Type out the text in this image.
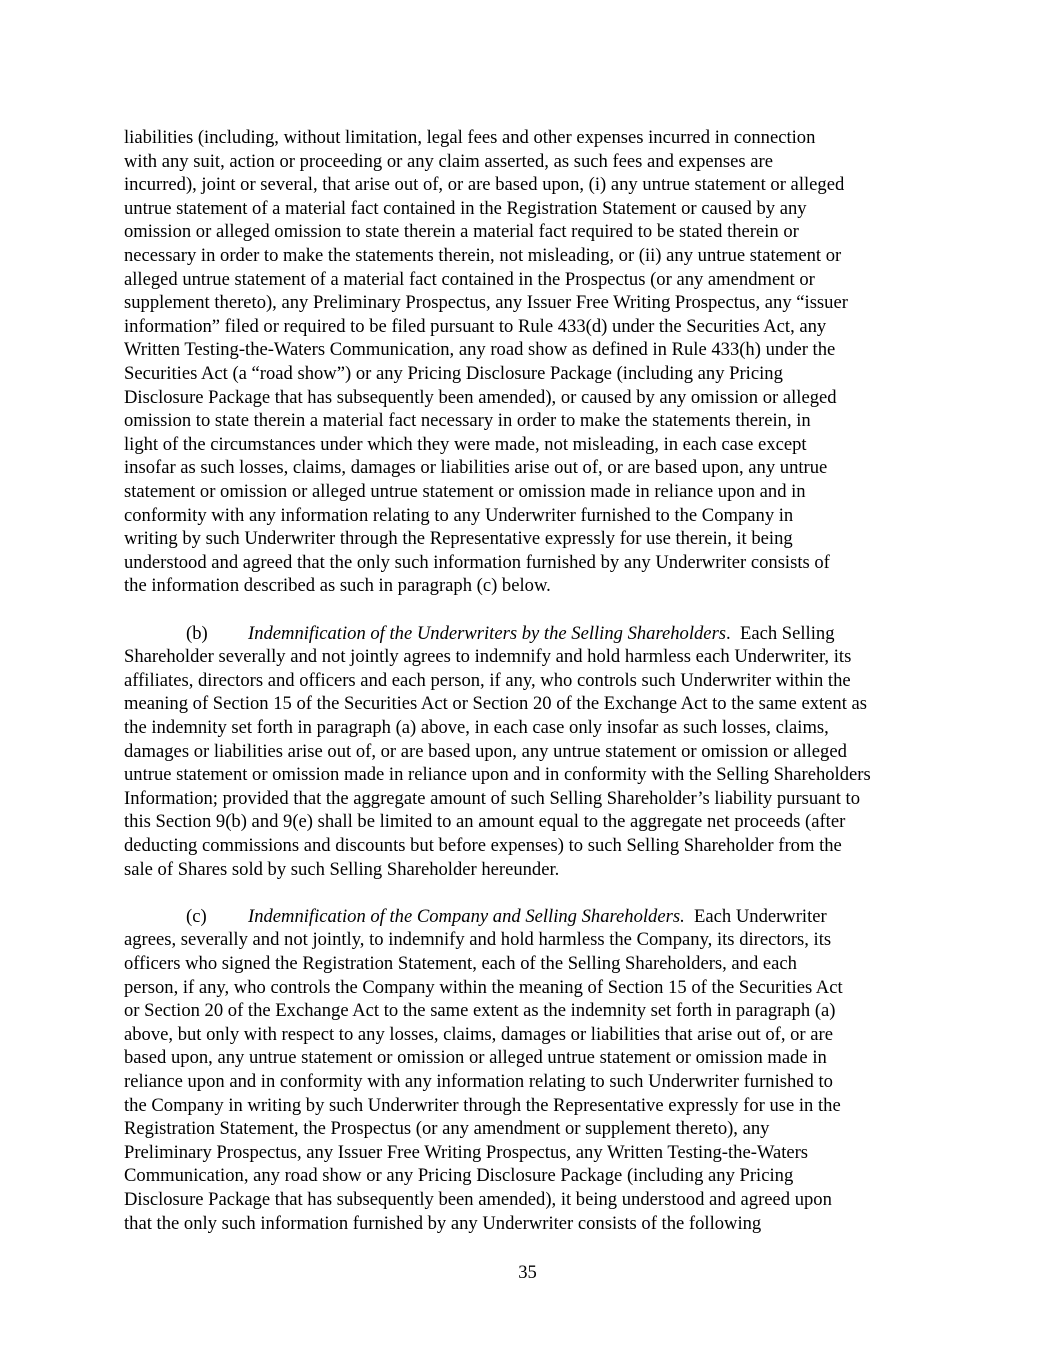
liabilities (including, without limitation, legal fees and other expenses incurred in connection
with any suit, action or proceeding or any claim asserted, as such fees and expenses are
incurred), joint or several, that arise out of, or are based upon, (i) any untrue statement or alleged
untrue statement of a material fact contained in the Registration Statement or caused by any
omission or alleged omission to state therein a material fact required to be stated therein or
necessary in order to make the statements therein, not misleading, or (ii) any untrue statement or
alleged untrue statement of a material fact contained in the Prospectus (or any amendment or
supplement thereto), any Preliminary Prospectus, any Issuer Free Writing Prospectus, any “issuer
information” filed or required to be filed pursuant to Rule 433(d) under the Securities Act, any
Written Testing-the-Waters Communication, any road show as defined in Rule 433(h) under the
Securities Act (a “road show”) or any Pricing Disclosure Package (including any Pricing
Disclosure Package that has subsequently been amended), or caused by any omission or alleged
omission to state therein a material fact necessary in order to make the statements therein, in
light of the circumstances under which they were made, not misleading, in each case except
insofar as such losses, claims, damages or liabilities arise out of, or are based upon, any untrue
statement or omission or alleged untrue statement or omission made in reliance upon and in
conformity with any information relating to any Underwriter furnished to the Company in
writing by such Underwriter through the Representative expressly for use therein, it being
understood and agreed that the only such information furnished by any Underwriter consists of
the information described as such in paragraph (c) below.
(b) Indemnification of the Underwriters by the Selling Shareholders.  Each Selling
Shareholder severally and not jointly agrees to indemnify and hold harmless each Underwriter, its
affiliates, directors and officers and each person, if any, who controls such Underwriter within the
meaning of Section 15 of the Securities Act or Section 20 of the Exchange Act to the same extent as
the indemnity set forth in paragraph (a) above, in each case only insofar as such losses, claims,
damages or liabilities arise out of, or are based upon, any untrue statement or omission or alleged
untrue statement or omission made in reliance upon and in conformity with the Selling Shareholders
Information; provided that the aggregate amount of such Selling Shareholder’s liability pursuant to
this Section 9(b) and 9(e) shall be limited to an amount equal to the aggregate net proceeds (after
deducting commissions and discounts but before expenses) to such Selling Shareholder from the
sale of Shares sold by such Selling Shareholder hereunder.
(c) Indemnification of the Company and Selling Shareholders.  Each Underwriter
agrees, severally and not jointly, to indemnify and hold harmless the Company, its directors, its
officers who signed the Registration Statement, each of the Selling Shareholders, and each
person, if any, who controls the Company within the meaning of Section 15 of the Securities Act
or Section 20 of the Exchange Act to the same extent as the indemnity set forth in paragraph (a)
above, but only with respect to any losses, claims, damages or liabilities that arise out of, or are
based upon, any untrue statement or omission or alleged untrue statement or omission made in
reliance upon and in conformity with any information relating to such Underwriter furnished to
the Company in writing by such Underwriter through the Representative expressly for use in the
Registration Statement, the Prospectus (or any amendment or supplement thereto), any
Preliminary Prospectus, any Issuer Free Writing Prospectus, any Written Testing-the-Waters
Communication, any road show or any Pricing Disclosure Package (including any Pricing
Disclosure Package that has subsequently been amended), it being understood and agreed upon
that the only such information furnished by any Underwriter consists of the following
35
